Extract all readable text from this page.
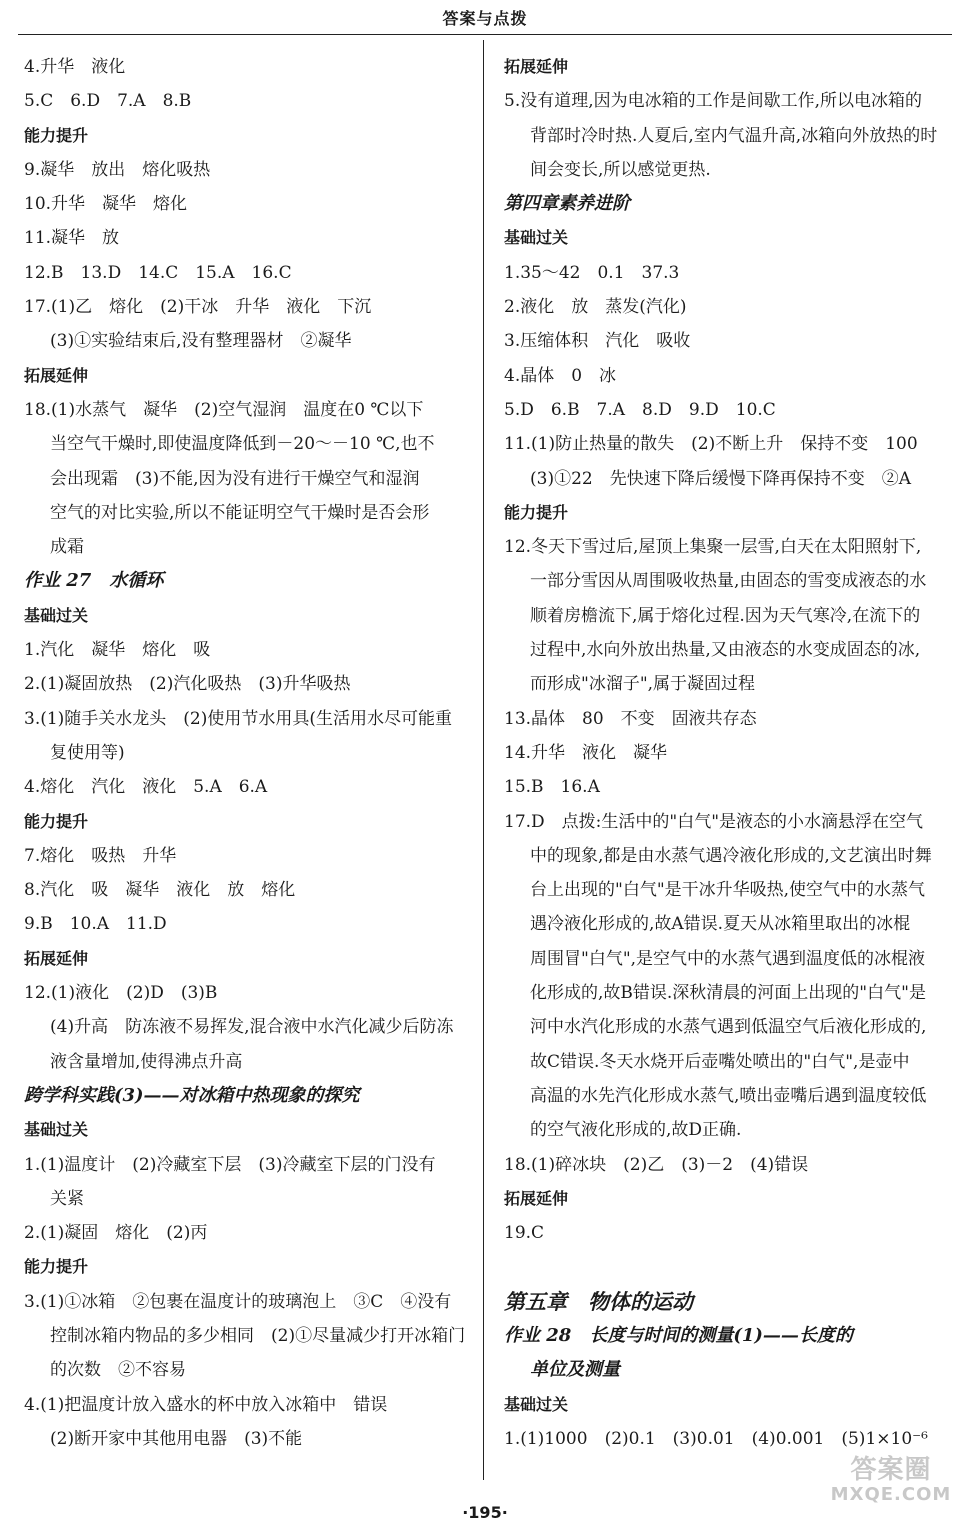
答案与点拨
4.升华　液化
5.C　6.D　7.A　8.B
能力提升
9.凝华　放出　熔化吸热
10.升华　凝华　熔化
11.凝华　放
12.B　13.D　14.C　15.A　16.C
17.(1)乙　熔化　(2)干冰　升华　液化　下沉
(3)①实验结束后,没有整理器材　②凝华
拓展延伸
18.(1)水蒸气　凝华　(2)空气湿润　温度在0 ℃以下
当空气干燥时,即使温度降低到－20～－10 ℃,也不
会出现霜　(3)不能,因为没有进行干燥空气和湿润
空气的对比实验,所以不能证明空气干燥时是否会形
成霜
作业 27　水循环
基础过关
1.汽化　凝华　熔化　吸
2.(1)凝固放热　(2)汽化吸热　(3)升华吸热
3.(1)随手关水龙头　(2)使用节水用具(生活用水尽可能重
复使用等)
4.熔化　汽化　液化　5.A　6.A
能力提升
7.熔化　吸热　升华
8.汽化　吸　凝华　液化　放　熔化
9.B　10.A　11.D
拓展延伸
12.(1)液化　(2)D　(3)B
(4)升高　防冻液不易挥发,混合液中水汽化减少后防冻
液含量增加,使得沸点升高
跨学科实践(3)——对冰箱中热现象的探究
基础过关
1.(1)温度计　(2)冷藏室下层　(3)冷藏室下层的门没有
关紧
2.(1)凝固　熔化　(2)丙
能力提升
3.(1)①冰箱　②包裹在温度计的玻璃泡上　③C　④没有
控制冰箱内物品的多少相同　(2)①尽量减少打开冰箱门
的次数　②不容易
4.(1)把温度计放入盛水的杯中放入冰箱中　错误
(2)断开家中其他用电器　(3)不能
拓展延伸
5.没有道理,因为电冰箱的工作是间歇工作,所以电冰箱的
背部时冷时热.人夏后,室内气温升高,冰箱向外放热的时
间会变长,所以感觉更热.
第四章素养进阶
基础过关
1.35～42　0.1　37.3
2.液化　放　蒸发(汽化)
3.压缩体积　汽化　吸收
4.晶体　0　冰
5.D　6.B　7.A　8.D　9.D　10.C
11.(1)防止热量的散失　(2)不断上升　保持不变　100
(3)①22　先快速下降后缓慢下降再保持不变　②A
能力提升
12.冬天下雪过后,屋顶上集聚一层雪,白天在太阳照射下,
一部分雪因从周围吸收热量,由固态的雪变成液态的水
顺着房檐流下,属于熔化过程.因为天气寒冷,在流下的
过程中,水向外放出热量,又由液态的水变成固态的冰,
而形成"冰溜子",属于凝固过程
13.晶体　80　不变　固液共存态
14.升华　液化　凝华
15.B　16.A
17.D　点拨:生活中的"白气"是液态的小水滴悬浮在空气
中的现象,都是由水蒸气遇冷液化形成的,文艺演出时舞
台上出现的"白气"是干冰升华吸热,使空气中的水蒸气
遇冷液化形成的,故A错误.夏天从冰箱里取出的冰棍
周围冒"白气",是空气中的水蒸气遇到温度低的冰棍液
化形成的,故B错误.深秋清晨的河面上出现的"白气"是
河中水汽化形成的水蒸气遇到低温空气后液化形成的,
故C错误.冬天水烧开后壶嘴处喷出的"白气",是壶中
高温的水先汽化形成水蒸气,喷出壶嘴后遇到温度较低
的空气液化形成的,故D正确.
18.(1)碎冰块　(2)乙　(3)－2　(4)错误
拓展延伸
19.C
第五章　物体的运动
作业 28　长度与时间的测量(1)——长度的
单位及测量
基础过关
1.(1)1000　(2)0.1　(3)0.01　(4)0.001　(5)1×10⁻⁶
·195·
答案圈
MXQE.COM
